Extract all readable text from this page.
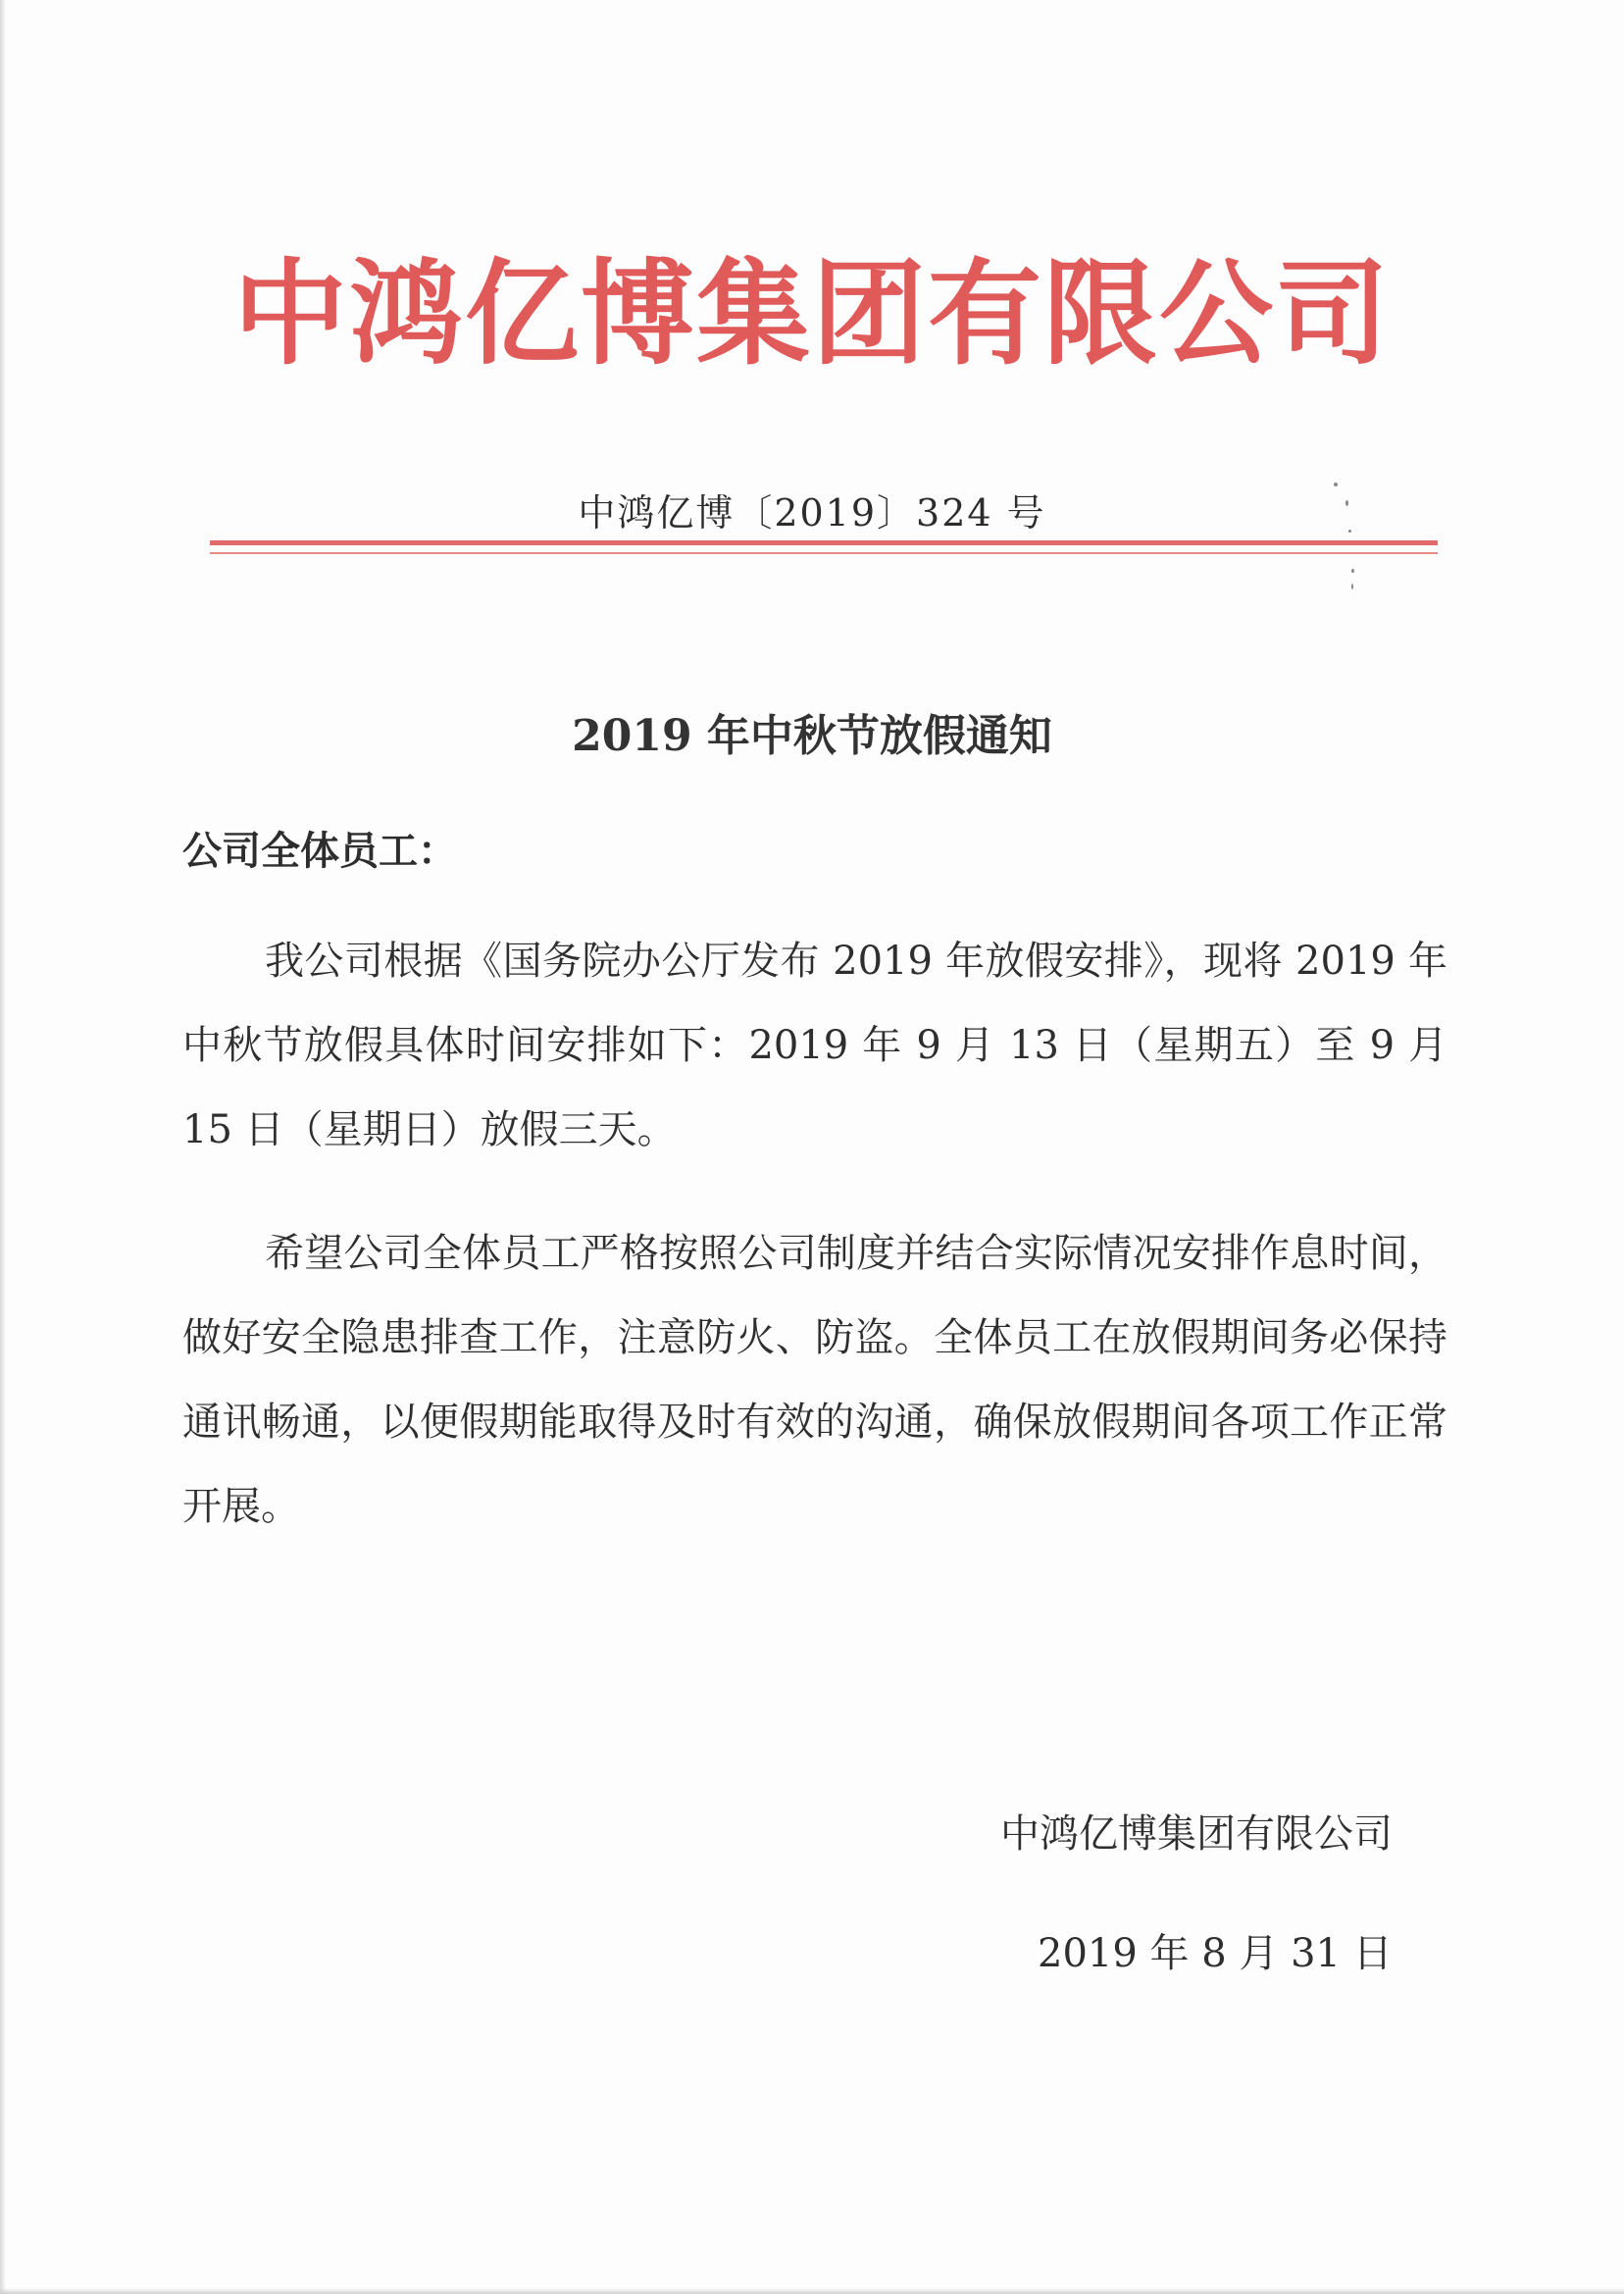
中鸿亿博集团有限公司
中鸿亿博〔2019〕324 号
2019 年中秋节放假通知
公司全体员工：
我公司根据《国务院办公厅发布 2019 年放假安排》，现将 2019 年中秋节放假具体时间安排如下：2019 年 9 月 13 日（星期五）至 9 月 15 日（星期日）放假三天。
希望公司全体员工严格按照公司制度并结合实际情况安排作息时间，做好安全隐患排查工作，注意防火、防盗。全体员工在放假期间务必保持通讯畅通，以便假期能取得及时有效的沟通，确保放假期间各项工作正常开展。
中鸿亿博集团有限公司
2019 年 8 月 31 日
